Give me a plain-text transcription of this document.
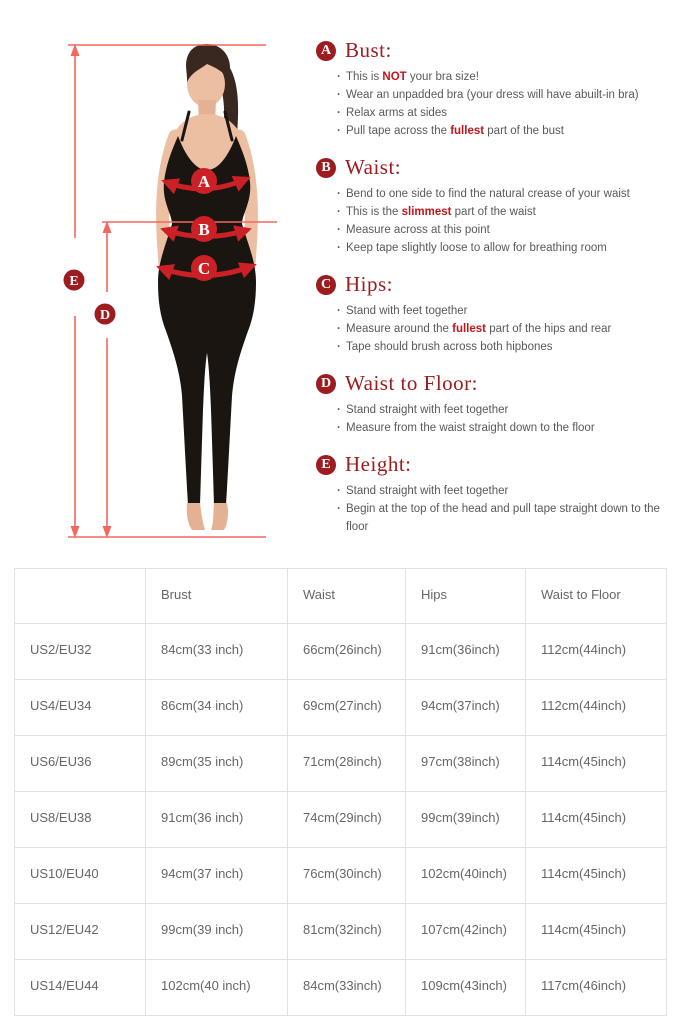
A
B
C
D
E
A Bust:
· This is NOT your bra size!
· Wear an unpadded bra (your dress will have abuilt-in bra)
· Relax arms at sides
· Pull tape across the fullest part of the bust
B Waist:
· Bend to one side to find the natural crease of your waist
· This is the slimmest part of the waist
· Measure across at this point
· Keep tape slightly loose to allow for breathing room
C Hips:
· Stand with feet together
· Measure around the fullest part of the hips and rear
· Tape should brush across both hipbones
D Waist to Floor:
· Stand straight with feet together
· Measure from the waist straight down to the floor
E Height:
· Stand straight with feet together
· Begin at the top of the head and pull tape straight down to the floor
	Brust	Waist	Hips	Waist to Floor
US2/EU32	84cm(33 inch)	66cm(26inch)	91cm(36inch)	112cm(44inch)
US4/EU34	86cm(34 inch)	69cm(27inch)	94cm(37inch)	112cm(44inch)
US6/EU36	89cm(35 inch)	71cm(28inch)	97cm(38inch)	114cm(45inch)
US8/EU38	91cm(36 inch)	74cm(29inch)	99cm(39inch)	114cm(45inch)
US10/EU40	94cm(37 inch)	76cm(30inch)	102cm(40inch)	114cm(45inch)
US12/EU42	99cm(39 inch)	81cm(32inch)	107cm(42inch)	114cm(45inch)
US14/EU44	102cm(40 inch)	84cm(33inch)	109cm(43inch)	117cm(46inch)
